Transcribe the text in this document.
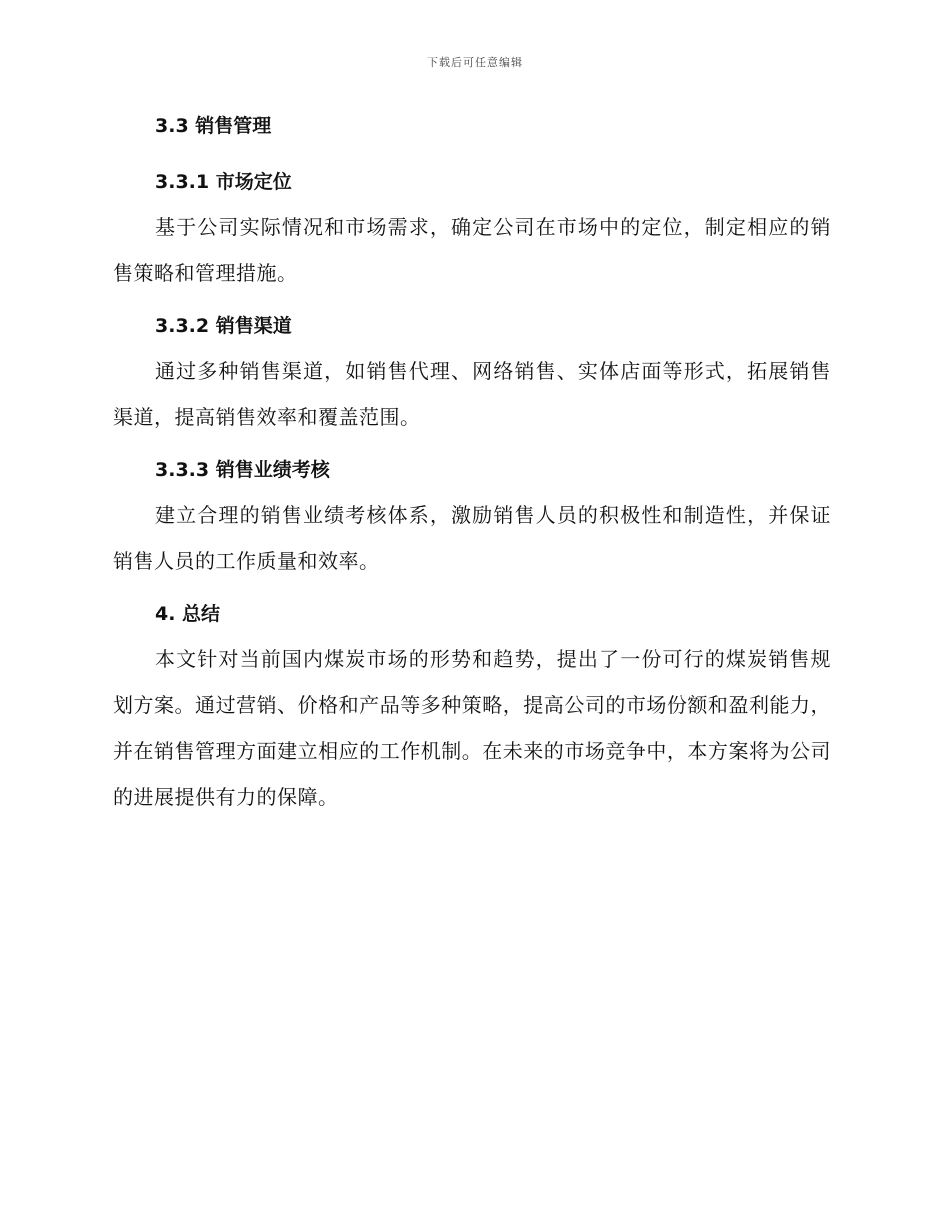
下载后可任意编辑
3.3 销售管理
3.3.1 市场定位

基于公司实际情况和市场需求，确定公司在市场中的定位，制定相应的销售策略和管理措施。

3.3.2 销售渠道

通过多种销售渠道，如销售代理、网络销售、实体店面等形式，拓展销售渠道，提高销售效率和覆盖范围。

3.3.3 销售业绩考核

建立合理的销售业绩考核体系，激励销售人员的积极性和制造性，并保证销售人员的工作质量和效率。

4. 总结

本文针对当前国内煤炭市场的形势和趋势，提出了一份可行的煤炭销售规划方案。通过营销、价格和产品等多种策略，提高公司的市场份额和盈利能力，并在销售管理方面建立相应的工作机制。在未来的市场竞争中，本方案将为公司的进展提供有力的保障。
